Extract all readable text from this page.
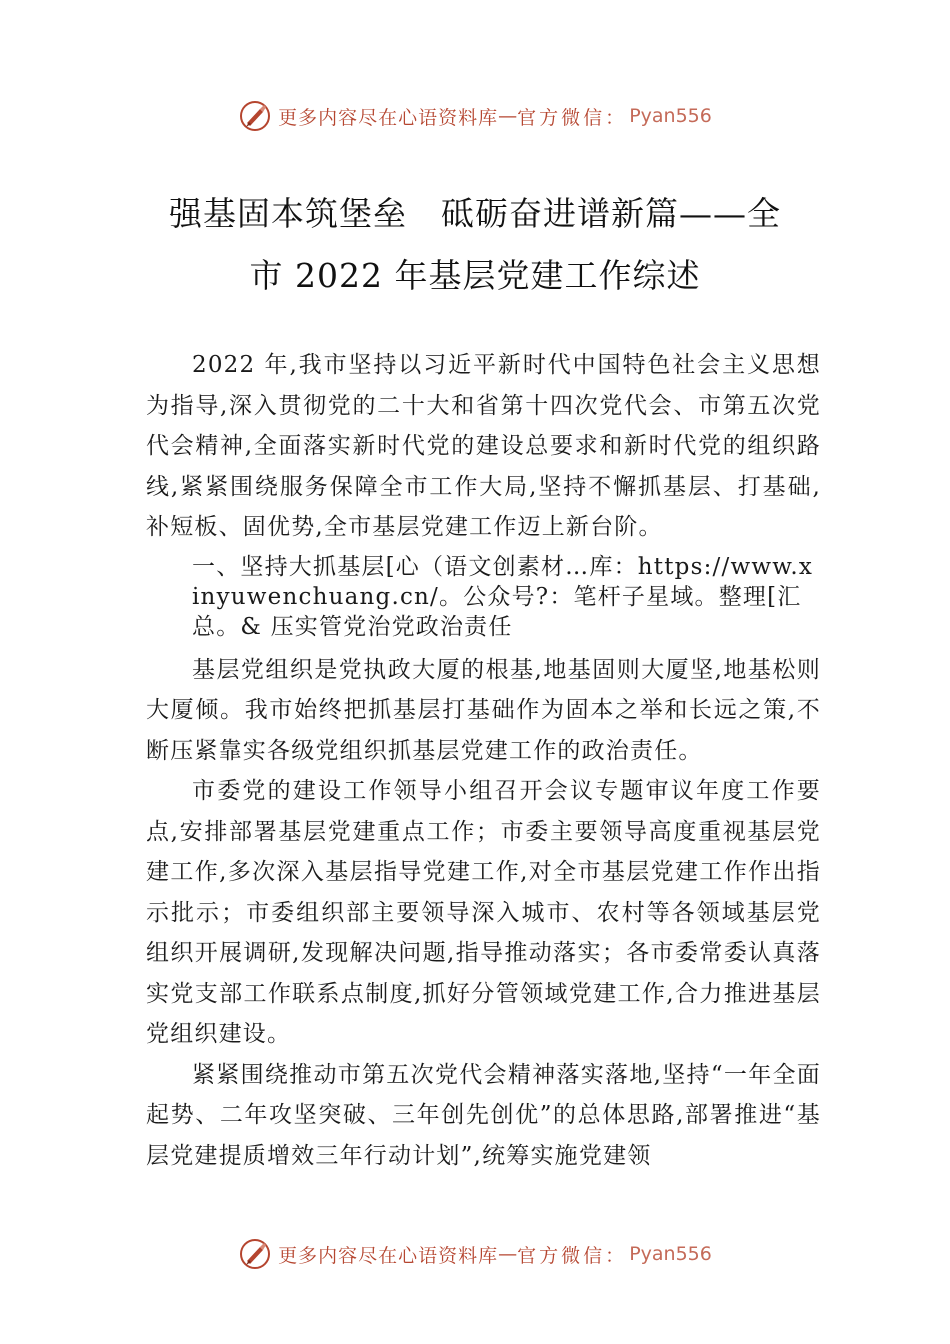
更多内容尽在心语资料库 — 官方微信： Pyan556
强基固本筑堡垒　砥砺奋进谱新篇——全
市 2022 年基层党建工作综述

2022 年,我市坚持以习近平新时代中国特色社会主义思想为指导,深入贯彻党的二十大和省第十四次党代会、市第五次党代会精神,全面落实新时代党的建设总要求和新时代党的组织路线,紧紧围绕服务保障全市工作大局,坚持不懈抓基层、打基础,补短板、固优势,全市基层党建工作迈上新台阶。

一、坚持大抓基层[心（语文创素材…库：https://www.xinyuwenchuang.cn/。公众号?：笔杆子星域。整理[汇总。& 压实管党治党政治责任

基层党组织是党执政大厦的根基,地基固则大厦坚,地基松则大厦倾。我市始终把抓基层打基础作为固本之举和长远之策,不断压紧靠实各级党组织抓基层党建工作的政治责任。

市委党的建设工作领导小组召开会议专题审议年度工作要点,安排部署基层党建重点工作；市委主要领导高度重视基层党建工作,多次深入基层指导党建工作,对全市基层党建工作作出指示批示；市委组织部主要领导深入城市、农村等各领域基层党组织开展调研,发现解决问题,指导推动落实；各市委常委认真落实党支部工作联系点制度,抓好分管领域党建工作,合力推进基层党组织建设。

紧紧围绕推动市第五次党代会精神落实落地,坚持“一年全面起势、二年攻坚突破、三年创先创优”的总体思路,部署推进“基层党建提质增效三年行动计划”,统筹实施党建领

更多内容尽在心语资料库 — 官方微信： Pyan556
